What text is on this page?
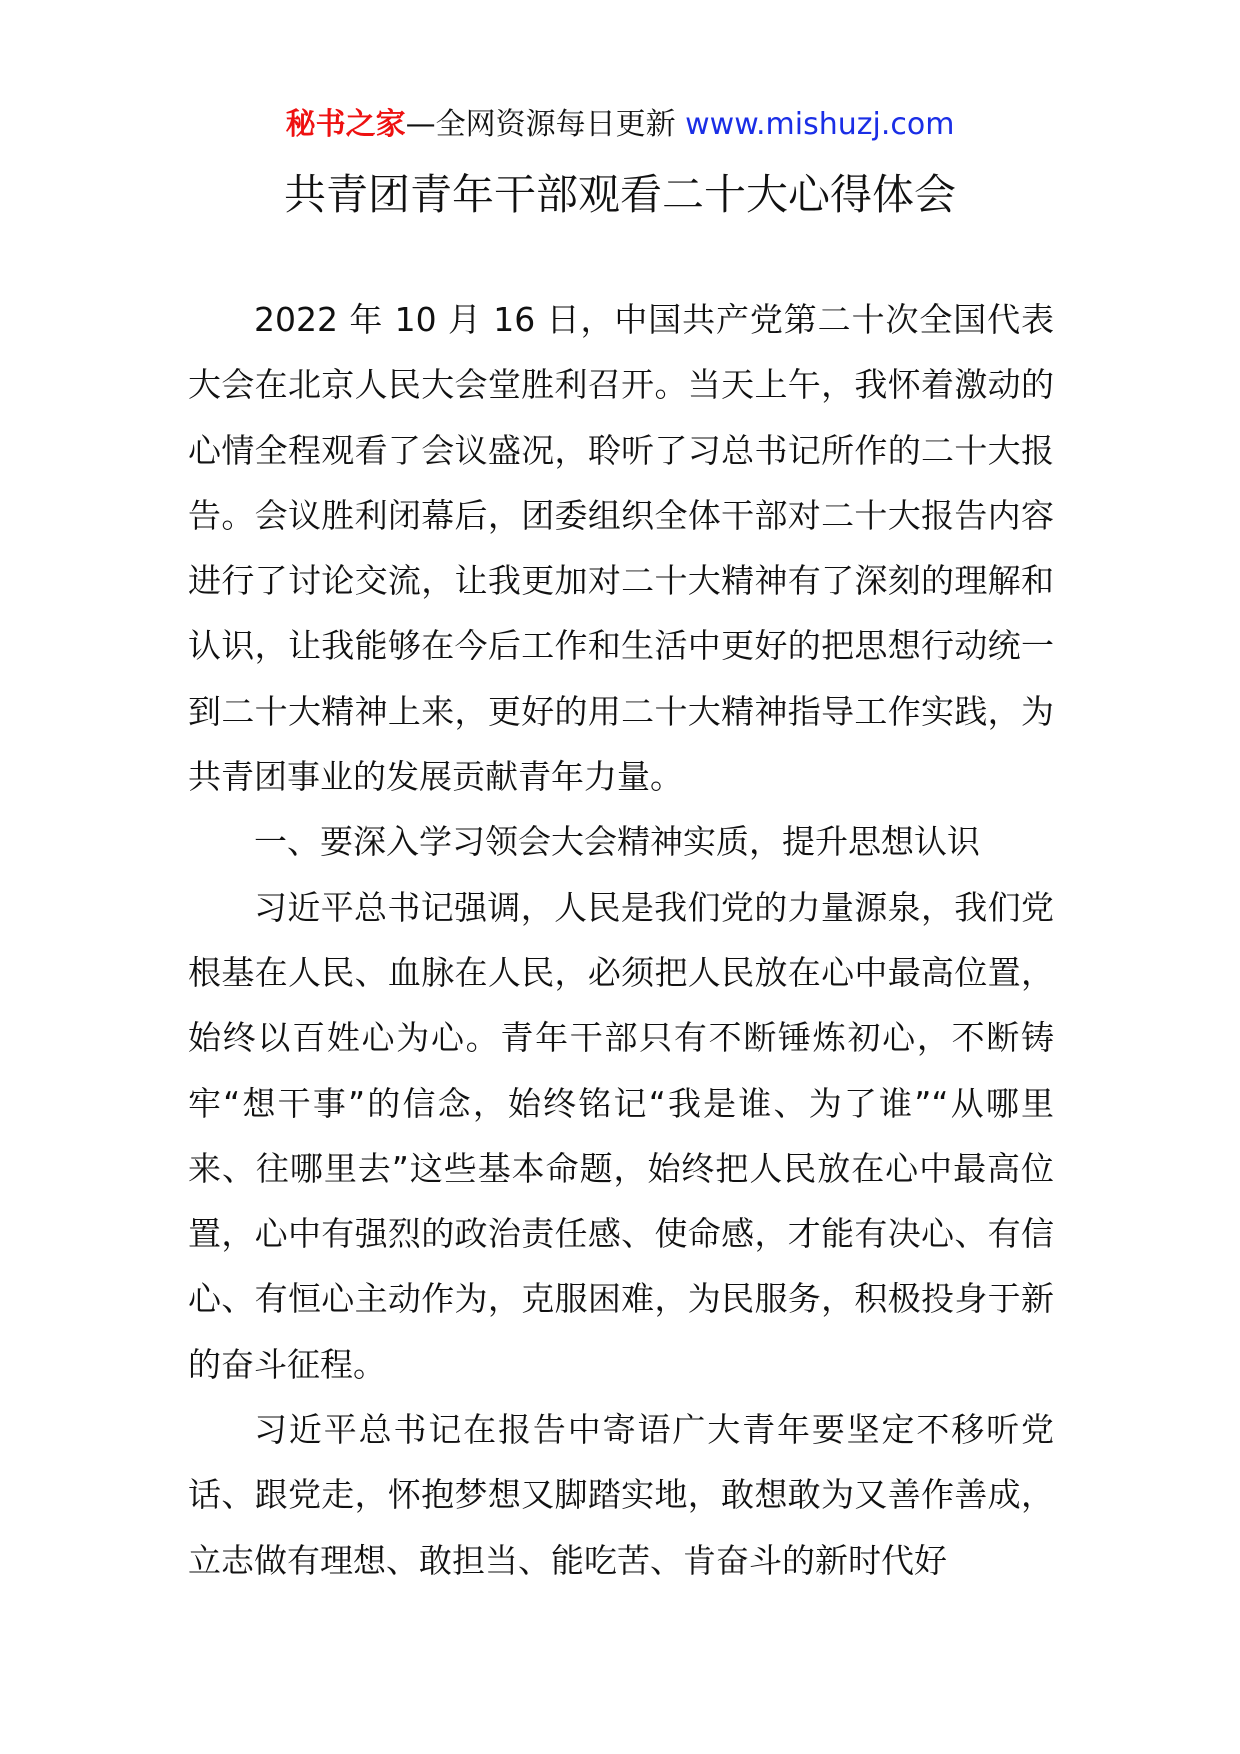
秘书之家—全网资源每日更新 www.mishuzj.com
共青团青年干部观看二十大心得体会

2022 年 10 月 16 日，中国共产党第二十次全国代表大会在北京人民大会堂胜利召开。当天上午，我怀着激动的心情全程观看了会议盛况，聆听了习总书记所作的二十大报告。会议胜利闭幕后，团委组织全体干部对二十大报告内容进行了讨论交流，让我更加对二十大精神有了深刻的理解和认识，让我能够在今后工作和生活中更好的把思想行动统一到二十大精神上来，更好的用二十大精神指导工作实践，为共青团事业的发展贡献青年力量。

一、要深入学习领会大会精神实质，提升思想认识

习近平总书记强调，人民是我们党的力量源泉，我们党根基在人民、血脉在人民，必须把人民放在心中最高位置，始终以百姓心为心。青年干部只有不断锤炼初心，不断铸牢“想干事”的信念，始终铭记“我是谁、为了谁”“从哪里来、往哪里去”这些基本命题，始终把人民放在心中最高位置，心中有强烈的政治责任感、使命感，才能有决心、有信心、有恒心主动作为，克服困难，为民服务，积极投身于新的奋斗征程。

习近平总书记在报告中寄语广大青年要坚定不移听党话、跟党走，怀抱梦想又脚踏实地，敢想敢为又善作善成，立志做有理想、敢担当、能吃苦、肯奋斗的新时代好
